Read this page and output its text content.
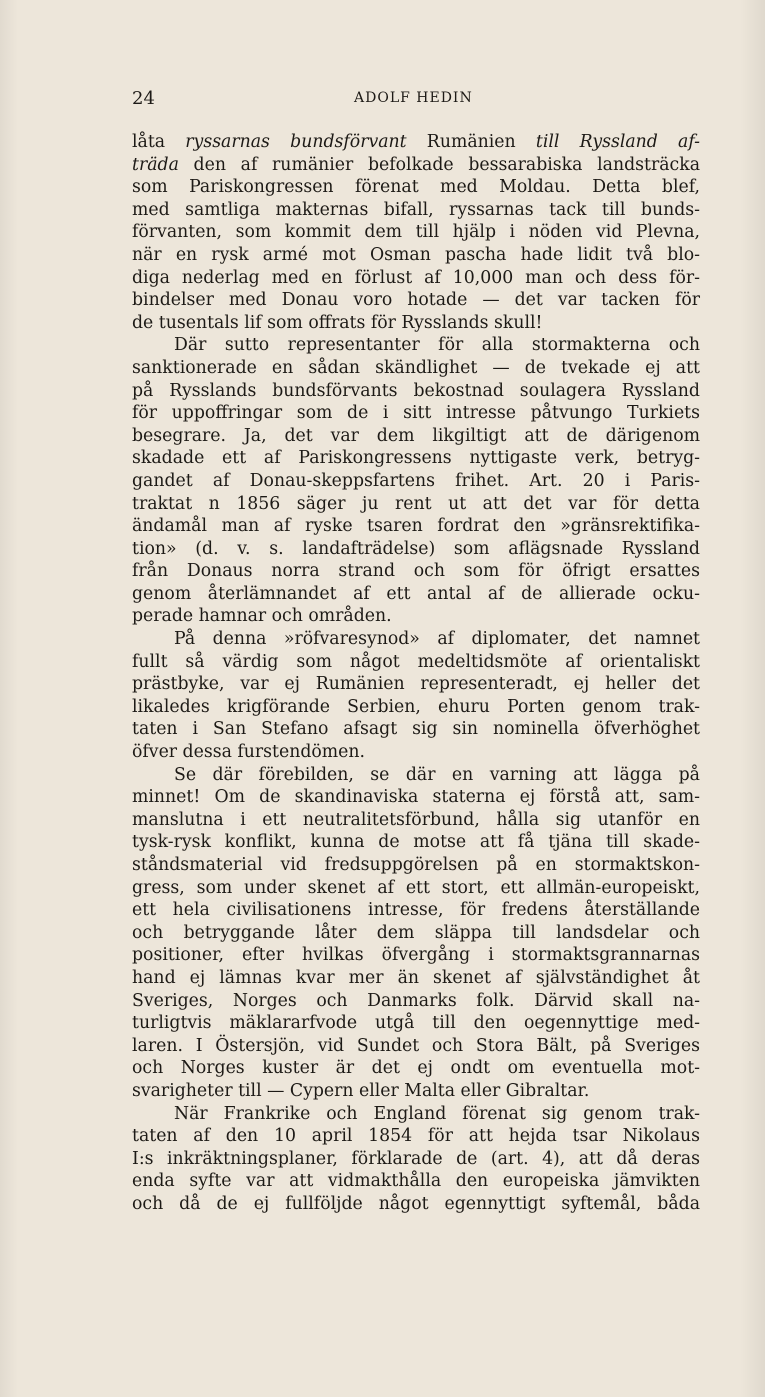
24	ADOLF HEDIN
låta ryssarnas bundsförvant Rumänien till Ryssland af-
träda den af rumänier befolkade bessarabiska landsträcka
som Pariskongressen förenat med Moldau. Detta blef,
med samtliga makternas bifall, ryssarnas tack till bunds-
förvanten, som kommit dem till hjälp i nöden vid Plevna,
när en rysk armé mot Osman pascha hade lidit två blo-
diga nederlag med en förlust af 10,000 man och dess för-
bindelser med Donau voro hotade — det var tacken för
de tusentals lif som offrats för Rysslands skull!
Där sutto representanter för alla stormakterna och
sanktionerade en sådan skändlighet — de tvekade ej att
på Rysslands bundsförvants bekostnad soulagera Ryssland
för uppoffringar som de i sitt intresse påtvungo Turkiets
besegrare. Ja, det var dem likgiltigt att de därigenom
skadade ett af Pariskongressens nyttigaste verk, betryg-
gandet af Donau-skeppsfartens frihet. Art. 20 i Paris-
traktat n 1856 säger ju rent ut att det var för detta
ändamål man af ryske tsaren fordrat den »gränsrektifika-
tion» (d. v. s. landafträdelse) som aflägsnade Ryssland
från Donaus norra strand och som för öfrigt ersattes
genom återlämnandet af ett antal af de allierade ocku-
perade hamnar och områden.
På denna »röfvaresynod» af diplomater, det namnet
fullt så värdig som något medeltidsmöte af orientaliskt
prästbyke, var ej Rumänien representeradt, ej heller det
likaledes krigförande Serbien, ehuru Porten genom trak-
taten i San Stefano afsagt sig sin nominella öfverhöghet
öfver dessa furstendömen.
Se där förebilden, se där en varning att lägga på
minnet! Om de skandinaviska staterna ej förstå att, sam-
manslutna i ett neutralitetsförbund, hålla sig utanför en
tysk-rysk konflikt, kunna de motse att få tjäna till skade-
ståndsmaterial vid fredsuppgörelsen på en stormaktskon-
gress, som under skenet af ett stort, ett allmän-europeiskt,
ett hela civilisationens intresse, för fredens återställande
och betryggande låter dem släppa till landsdelar och
positioner, efter hvilkas öfvergång i stormaktsgrannarnas
hand ej lämnas kvar mer än skenet af självständighet åt
Sveriges, Norges och Danmarks folk. Därvid skall na-
turligtvis mäklararfvode utgå till den oegennyttige med-
laren. I Östersjön, vid Sundet och Stora Bält, på Sveriges
och Norges kuster är det ej ondt om eventuella mot-
svarigheter till — Cypern eller Malta eller Gibraltar.
När Frankrike och England förenat sig genom trak-
taten af den 10 april 1854 för att hejda tsar Nikolaus
I:s inkräktningsplaner, förklarade de (art. 4), att då deras
enda syfte var att vidmakthålla den europeiska jämvikten
och då de ej fullföljde något egennyttigt syftemål, båda
